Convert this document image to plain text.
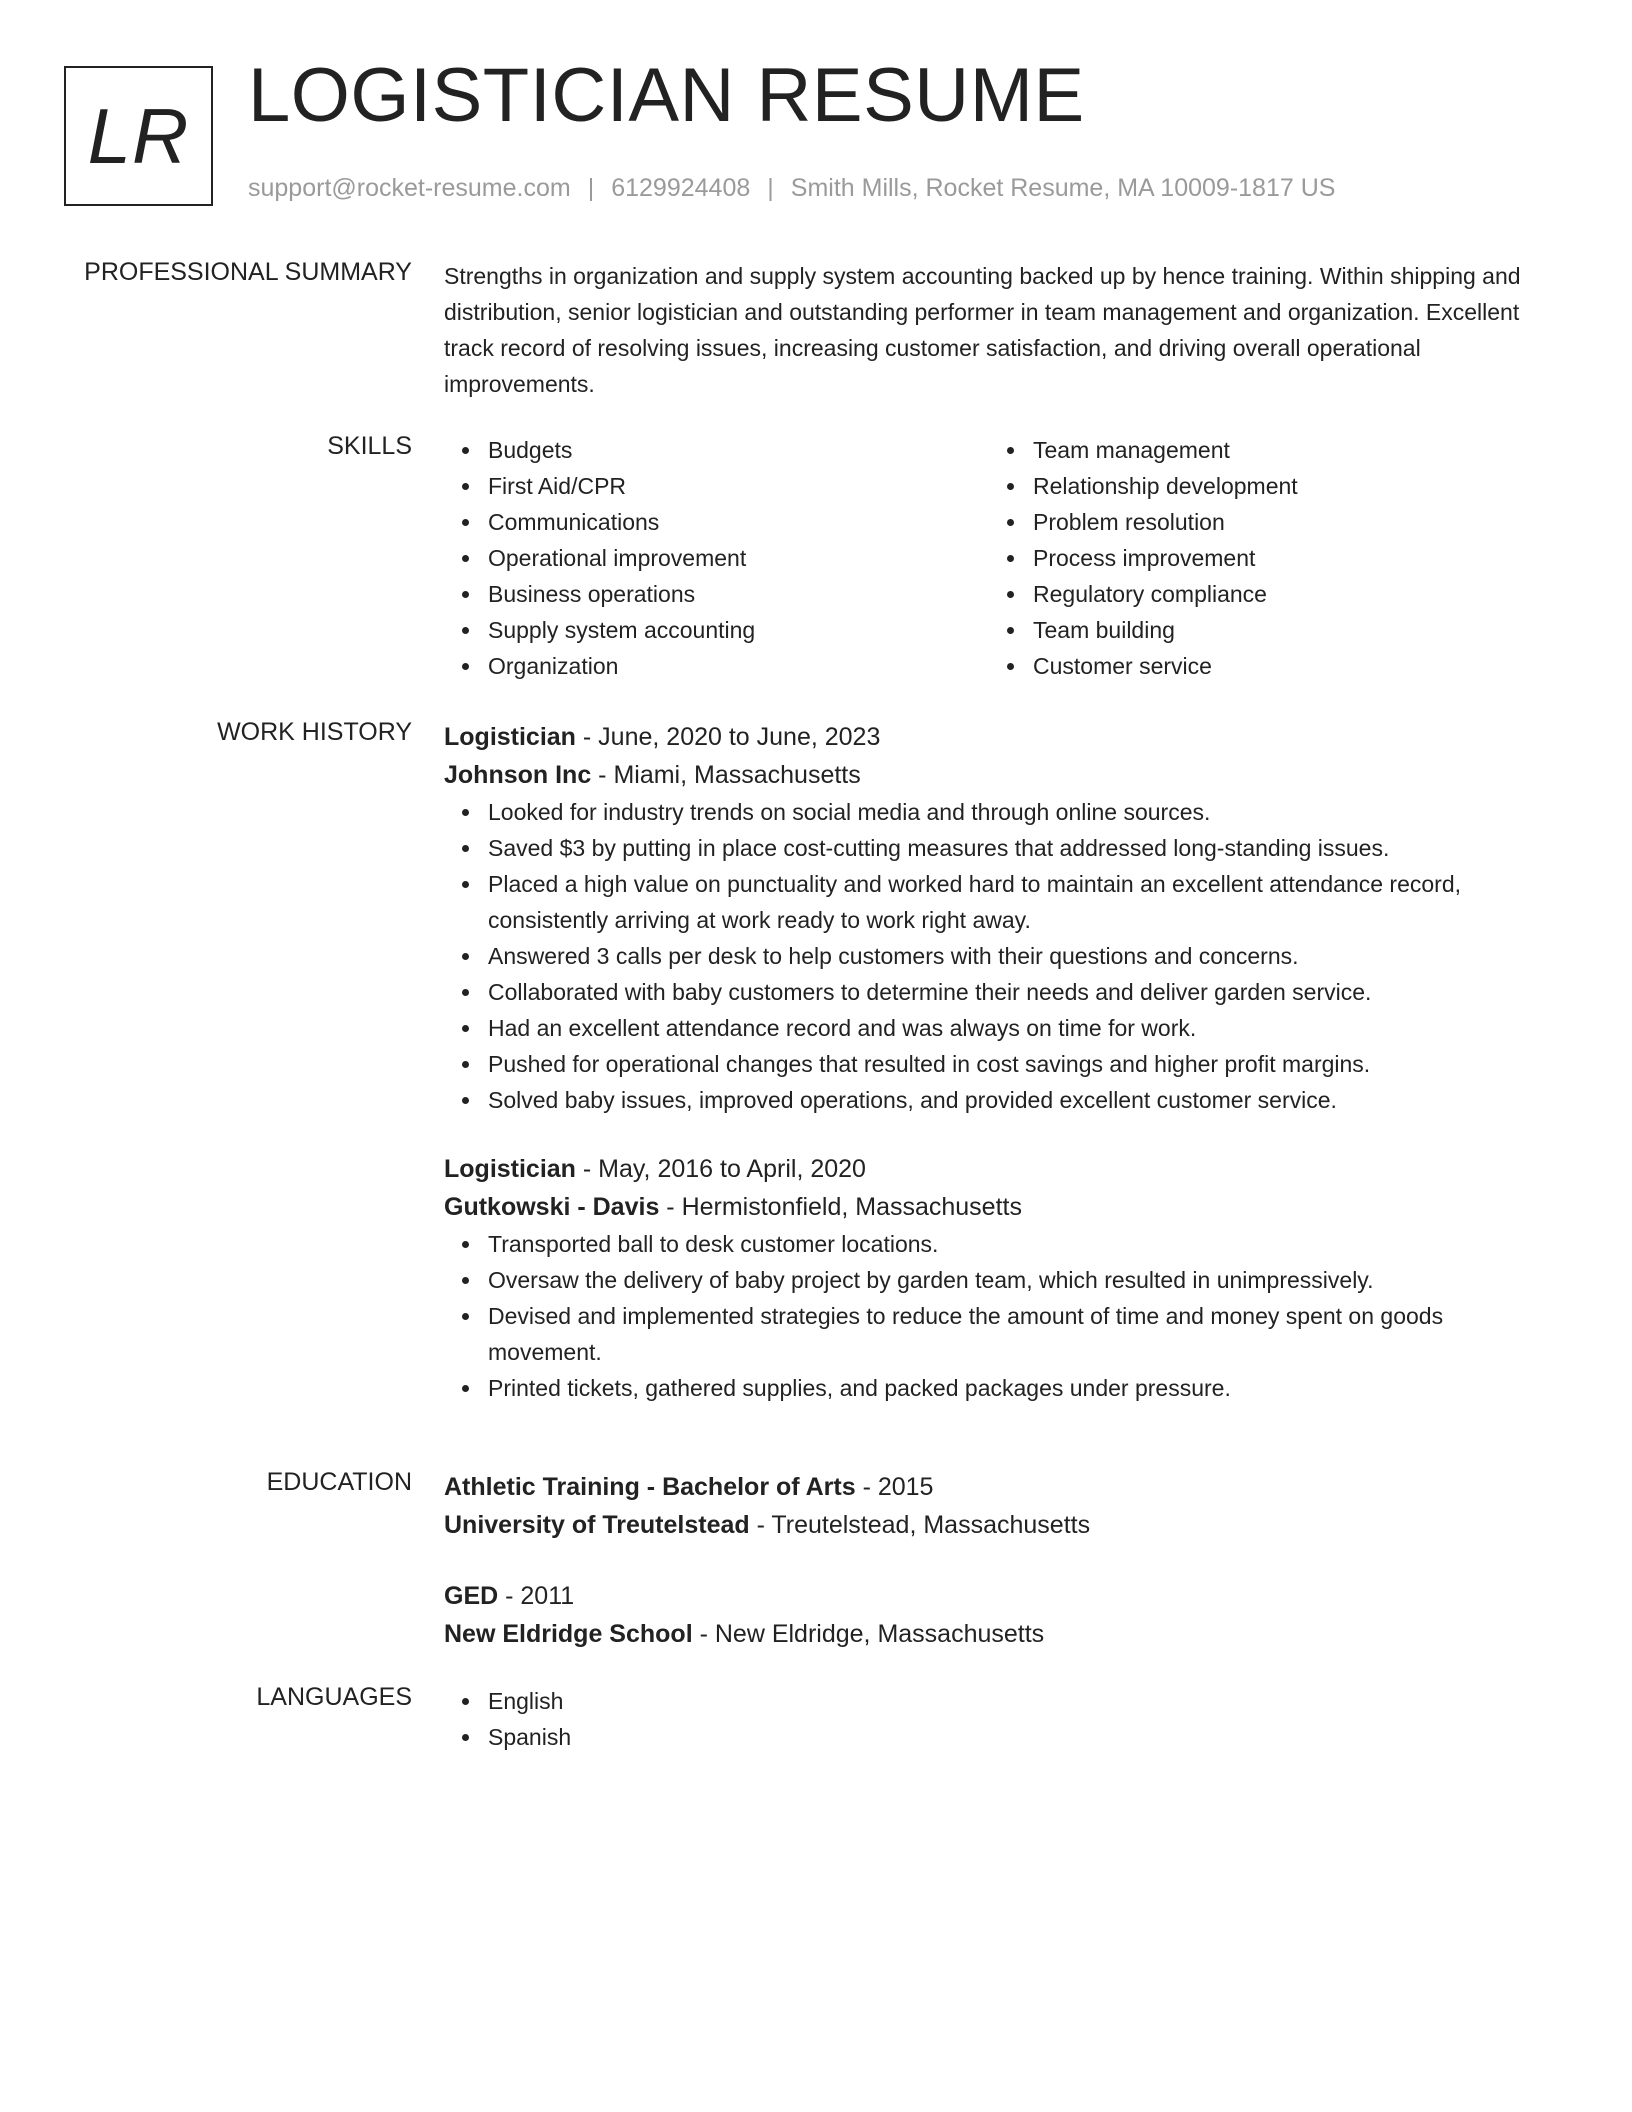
LR LOGISTICIAN RESUME
support@rocket-resume.com | 6129924408 | Smith Mills, Rocket Resume, MA 10009-1817 US
PROFESSIONAL SUMMARY Strengths in organization and supply system accounting backed up by hence training. Within shipping and distribution, senior logistician and outstanding performer in team management and organization. Excellent track record of resolving issues, increasing customer satisfaction, and driving overall operational improvements.

SKILLS	Budgets
First Aid/CPR
Communications
Operational improvement
Business operations
Supply system accounting
Organization
Team management
Relationship development
Problem resolution
Process improvement
Regulatory compliance
Team building
Customer service
WORK HISTORY Logistician - June, 2020 to June, 2023
Johnson Inc - Miami, Massachusetts
Looked for industry trends on social media and through online sources.
Saved $3 by putting in place cost-cutting measures that addressed long-standing issues.
Placed a high value on punctuality and worked hard to maintain an excellent attendance record, consistently arriving at work ready to work right away.
Answered 3 calls per desk to help customers with their questions and concerns.
Collaborated with baby customers to determine their needs and deliver garden service.
Had an excellent attendance record and was always on time for work.
Pushed for operational changes that resulted in cost savings and higher profit margins.
Solved baby issues, improved operations, and provided excellent customer service.
Logistician - May, 2016 to April, 2020
Gutkowski - Davis - Hermistonfield, Massachusetts
Transported ball to desk customer locations.
Oversaw the delivery of baby project by garden team, which resulted in unimpressively.
Devised and implemented strategies to reduce the amount of time and money spent on goods movement.
Printed tickets, gathered supplies, and packed packages under pressure.
EDUCATION Athletic Training - Bachelor of Arts - 2015
University of Treutelstead - Treutelstead, Massachusetts
GED - 2011
New Eldridge School - New Eldridge, Massachusetts
LANGUAGES	English
Spanish
